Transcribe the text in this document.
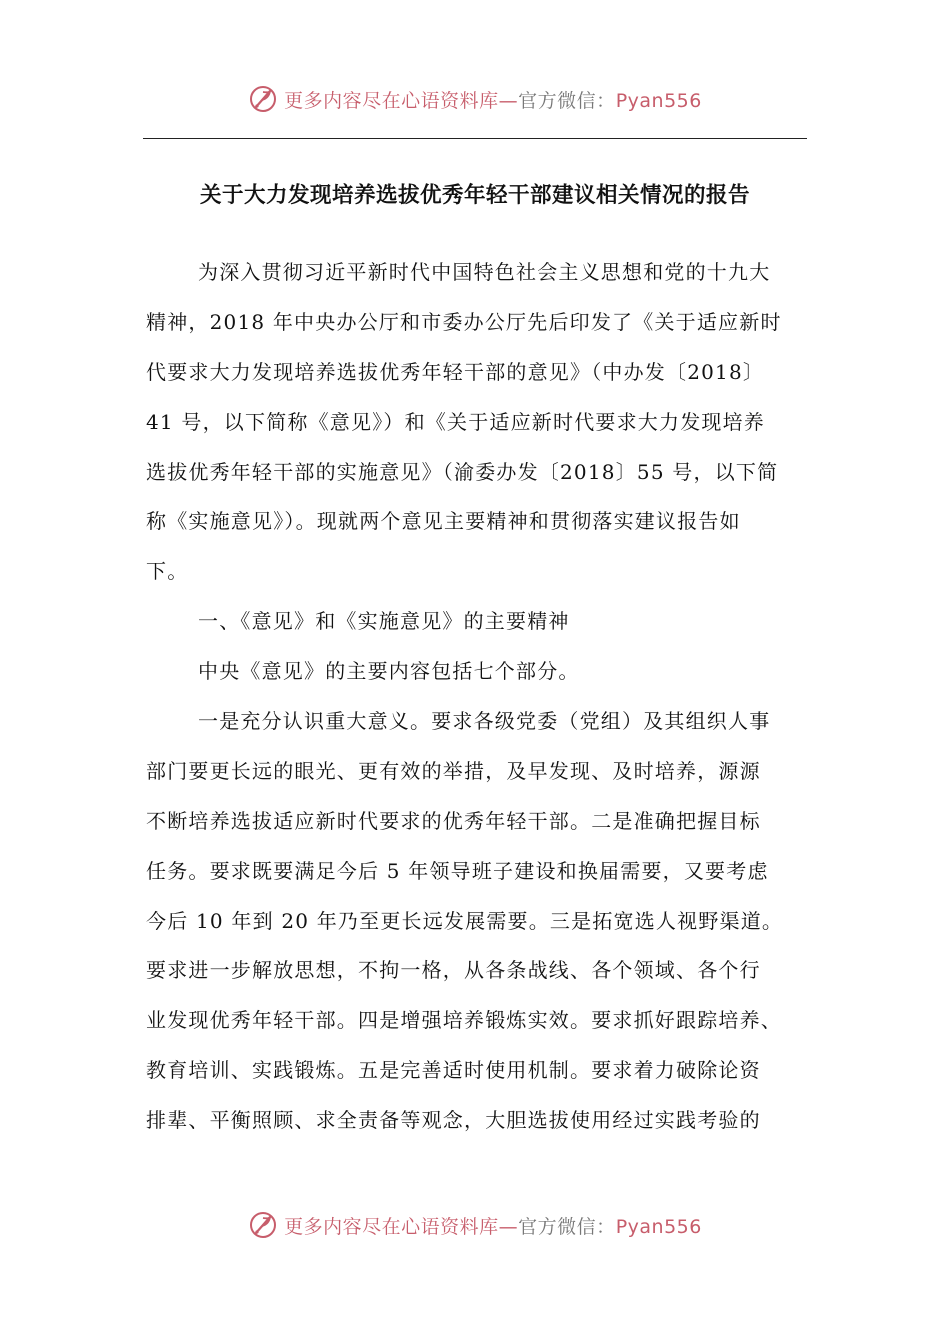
更多内容尽在心语资料库—官方微信：Pyan556
关于大力发现培养选拔优秀年轻干部建议相关情况的报告
为深入贯彻习近平新时代中国特色社会主义思想和党的十九大
精神，2018 年中央办公厅和市委办公厅先后印发了《关于适应新时
代要求大力发现培养选拔优秀年轻干部的意见》（中办发〔2018〕
41 号，以下简称《意见》）和《关于适应新时代要求大力发现培养
选拔优秀年轻干部的实施意见》（渝委办发〔2018〕55 号，以下简
称《实施意见》）。现就两个意见主要精神和贯彻落实建议报告如
下。
一、《意见》和《实施意见》的主要精神
中央《意见》的主要内容包括七个部分。
一是充分认识重大意义。要求各级党委（党组）及其组织人事
部门要更长远的眼光、更有效的举措，及早发现、及时培养，源源
不断培养选拔适应新时代要求的优秀年轻干部。二是准确把握目标
任务。要求既要满足今后 5 年领导班子建设和换届需要，又要考虑
今后 10 年到 20 年乃至更长远发展需要。三是拓宽选人视野渠道。
要求进一步解放思想，不拘一格，从各条战线、各个领域、各个行
业发现优秀年轻干部。四是增强培养锻炼实效。要求抓好跟踪培养、
教育培训、实践锻炼。五是完善适时使用机制。要求着力破除论资
排辈、平衡照顾、求全责备等观念，大胆选拔使用经过实践考验的
更多内容尽在心语资料库—官方微信：Pyan556
